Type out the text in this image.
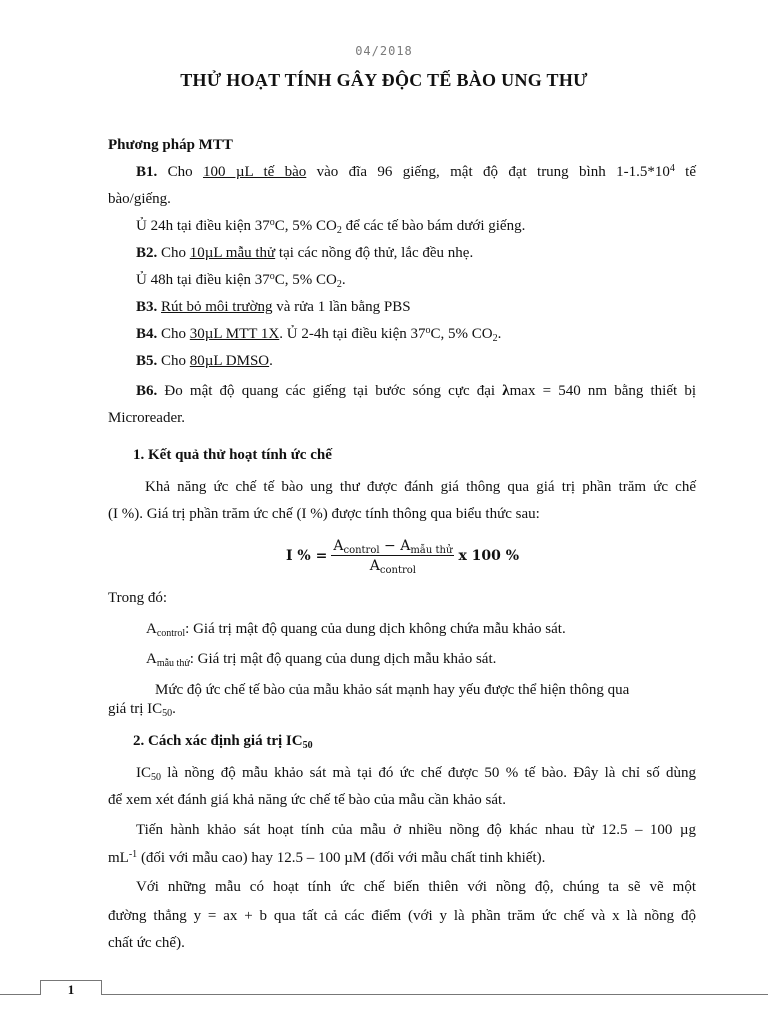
04/2018
THỬ HOẠT TÍNH GÂY ĐỘC TẾ BÀO UNG THƯ
Phương pháp MTT
B1. Cho 100 µL tế bào vào đĩa 96 giếng, mật độ đạt trung bình $1-1.5*10^4$ tế
bào/giếng.
Ủ 24h tại điều kiện 37$^o$C, 5% $CO_2$ để các tế bào bám dưới giếng.
B2. Cho 10µL mẫu thử tại các nồng độ thử, lắc đều nhẹ.
Ủ 48h tại điều kiện 37$^o$C, 5% $CO_2$.
B3. Rút bỏ môi trường và rửa 1 lần bằng PBS
B4. Cho 30µL MTT 1X. Ủ 2-4h tại điều kiện 37$^o$C, 5% $CO_2$.
B5. Cho 80µL DMSO.
B6. Đo mật độ quang các giếng tại bước sóng cực đại λmax = 540 nm bằng thiết bị
Microreader.
1. Kết quả thử hoạt tính ức chế
Khả năng ức chế tế bào ung thư được đánh giá thông qua giá trị phần trăm ức chế
(I %). Giá trị phần trăm ức chế (I %) được tính thông qua biểu thức sau:
I % = $\frac{A_{control} - A_{mẫu thử}}{A_{control}}$ x 100 %
Trong đó:
$A_{control}$: Giá trị mật độ quang của dung dịch không chứa mẫu khảo sát.
$A_{mẫu thử}$: Giá trị mật độ quang của dung dịch mẫu khảo sát.
Mức độ ức chế tế bào của mẫu khảo sát mạnh hay yếu được thể hiện thông qua
giá trị $IC_{50}$.
2. Cách xác định giá trị $IC_{50}$
$IC_{50}$ là nồng độ mẫu khảo sát mà tại đó ức chế được 50 % tế bào. Đây là chỉ số dùng
để xem xét đánh giá khả năng ức chế tế bào của mẫu cần khảo sát.
Tiến hành khảo sát hoạt tính của mẫu ở nhiều nồng độ khác nhau từ 12.5 – 100 µg
$mL^{-1}$ (đối với mẫu cao) hay 12.5 – 100 µM (đối với mẫu chất tinh khiết).
Với những mẫu có hoạt tính ức chế biến thiên với nồng độ, chúng ta sẽ vẽ một
đường thẳng y = ax + b qua tất cả các điểm (với y là phần trăm ức chế và x là nồng độ
chất ức chế).
1
